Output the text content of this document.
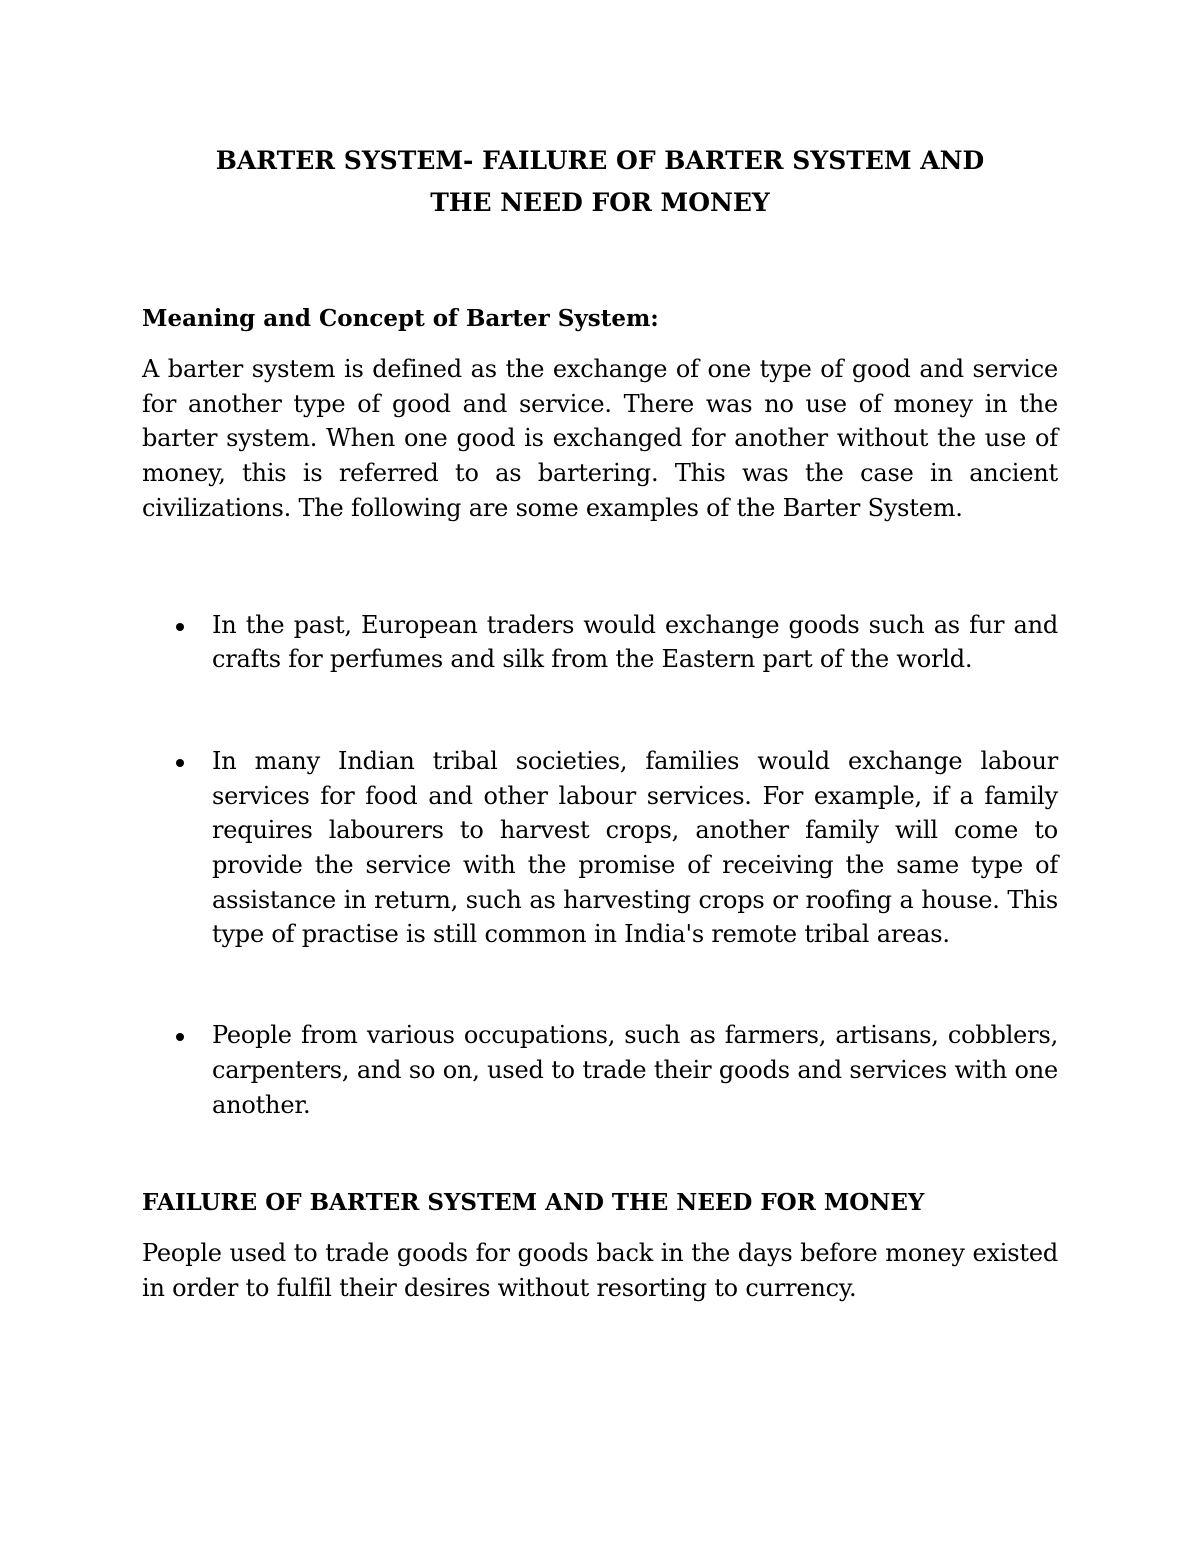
BARTER SYSTEM- FAILURE OF BARTER SYSTEM AND
THE NEED FOR MONEY
Meaning and Concept of Barter System:

A barter system is defined as the exchange of one type of good and service for another type of good and service. There was no use of money in the barter system. When one good is exchanged for another without the use of money, this is referred to as bartering. This was the case in ancient civilizations. The following are some examples of the Barter System.

In the past, European traders would exchange goods such as fur and crafts for perfumes and silk from the Eastern part of the world.
In many Indian tribal societies, families would exchange labour services for food and other labour services. For example, if a family requires labourers to harvest crops, another family will come to provide the service with the promise of receiving the same type of assistance in return, such as harvesting crops or roofing a house. This type of practise is still common in India's remote tribal areas.
People from various occupations, such as farmers, artisans, cobblers, carpenters, and so on, used to trade their goods and services with one another.
FAILURE OF BARTER SYSTEM AND THE NEED FOR MONEY

People used to trade goods for goods back in the days before money existed in order to fulfil their desires without resorting to currency.
